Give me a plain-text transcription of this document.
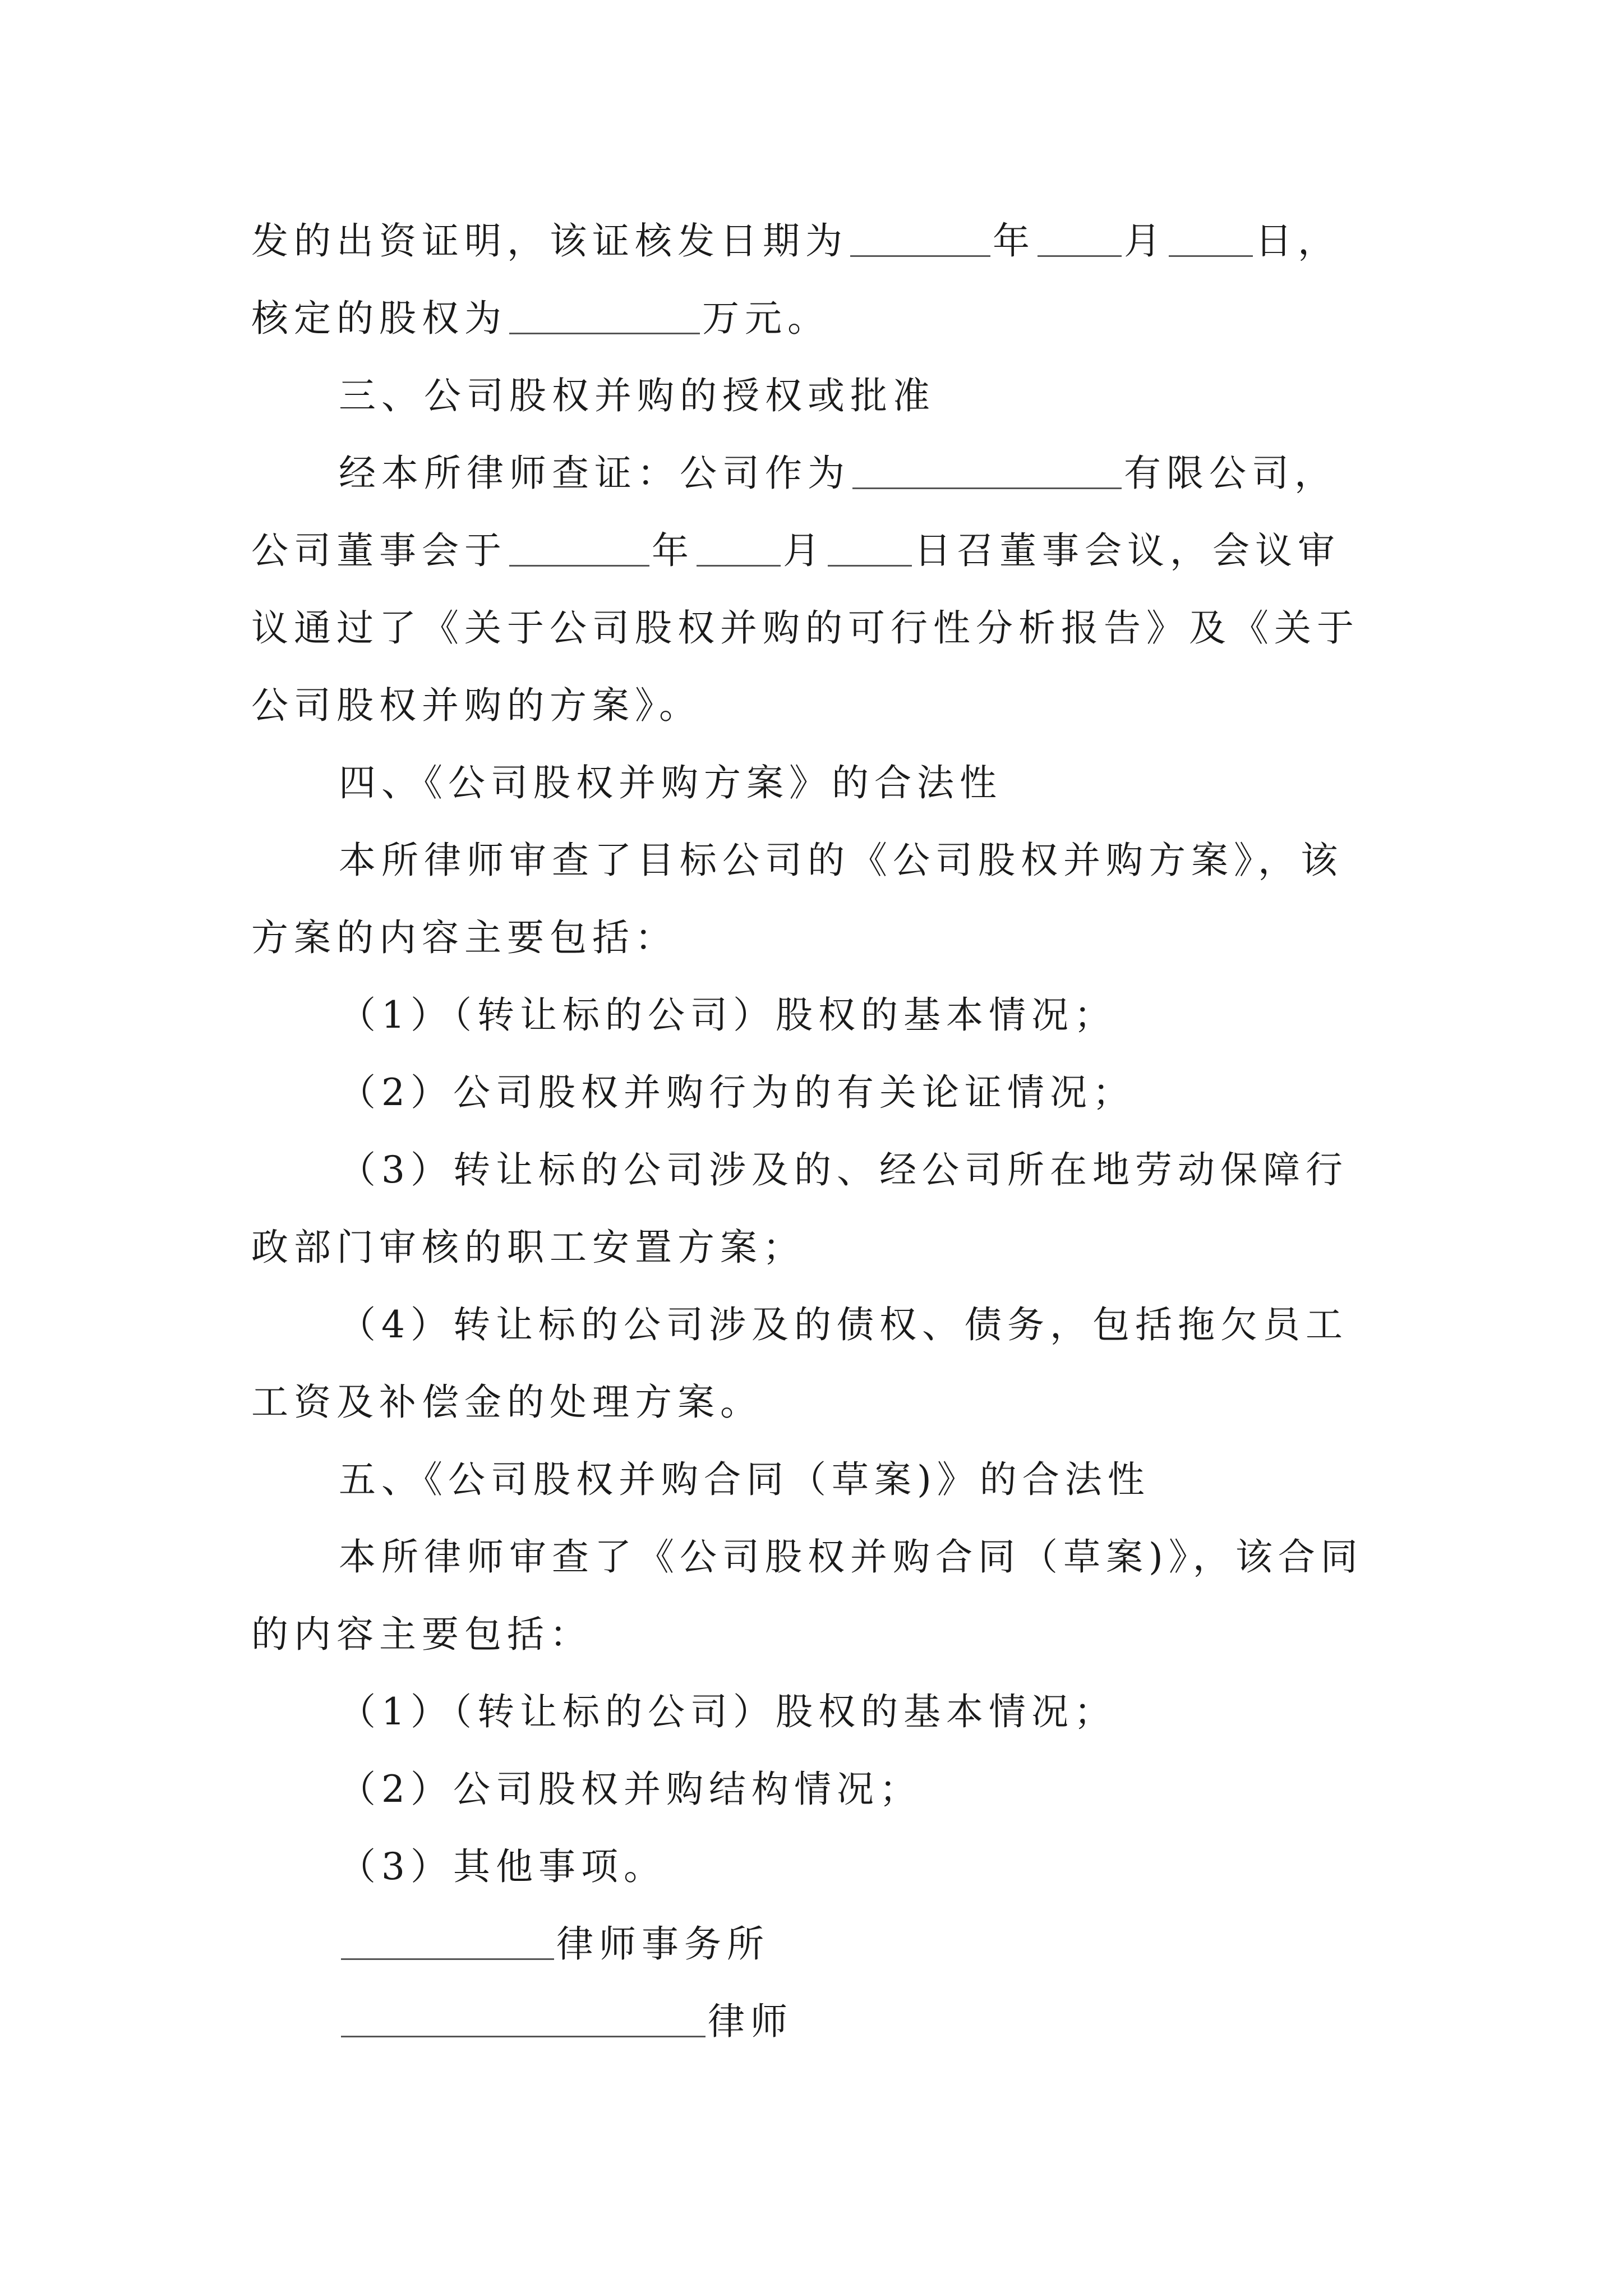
发的出资证明，该证核发日期为	年 月 日，
核定的股权为	万元。
三、公司股权并购的授权或批准
经本所律师查证：公司作为	有限公司，
公司董事会于	年 月 日召董事会议，会议审
议通过了《关于公司股权并购的可行性分析报告》及《关于
公司股权并购的方案》。
四、《公司股权并购方案》的合法性
本所律师审查了目标公司的《公司股权并购方案》，该
方案的内容主要包括：
（1）（转让标的公司）股权的基本情况；
（2）公司股权并购行为的有关论证情况；
（3）转让标的公司涉及的、经公司所在地劳动保障行
政部门审核的职工安置方案；
（4）转让标的公司涉及的债权、债务，包括拖欠员工
工资及补偿金的处理方案。
五、《公司股权并购合同（草案)》的合法性
本所律师审查了《公司股权并购合同（草案)》，该合同
的内容主要包括：
（1）（转让标的公司）股权的基本情况；
（2）公司股权并购结构情况；
（3）其他事项。
律师事务所
律师
